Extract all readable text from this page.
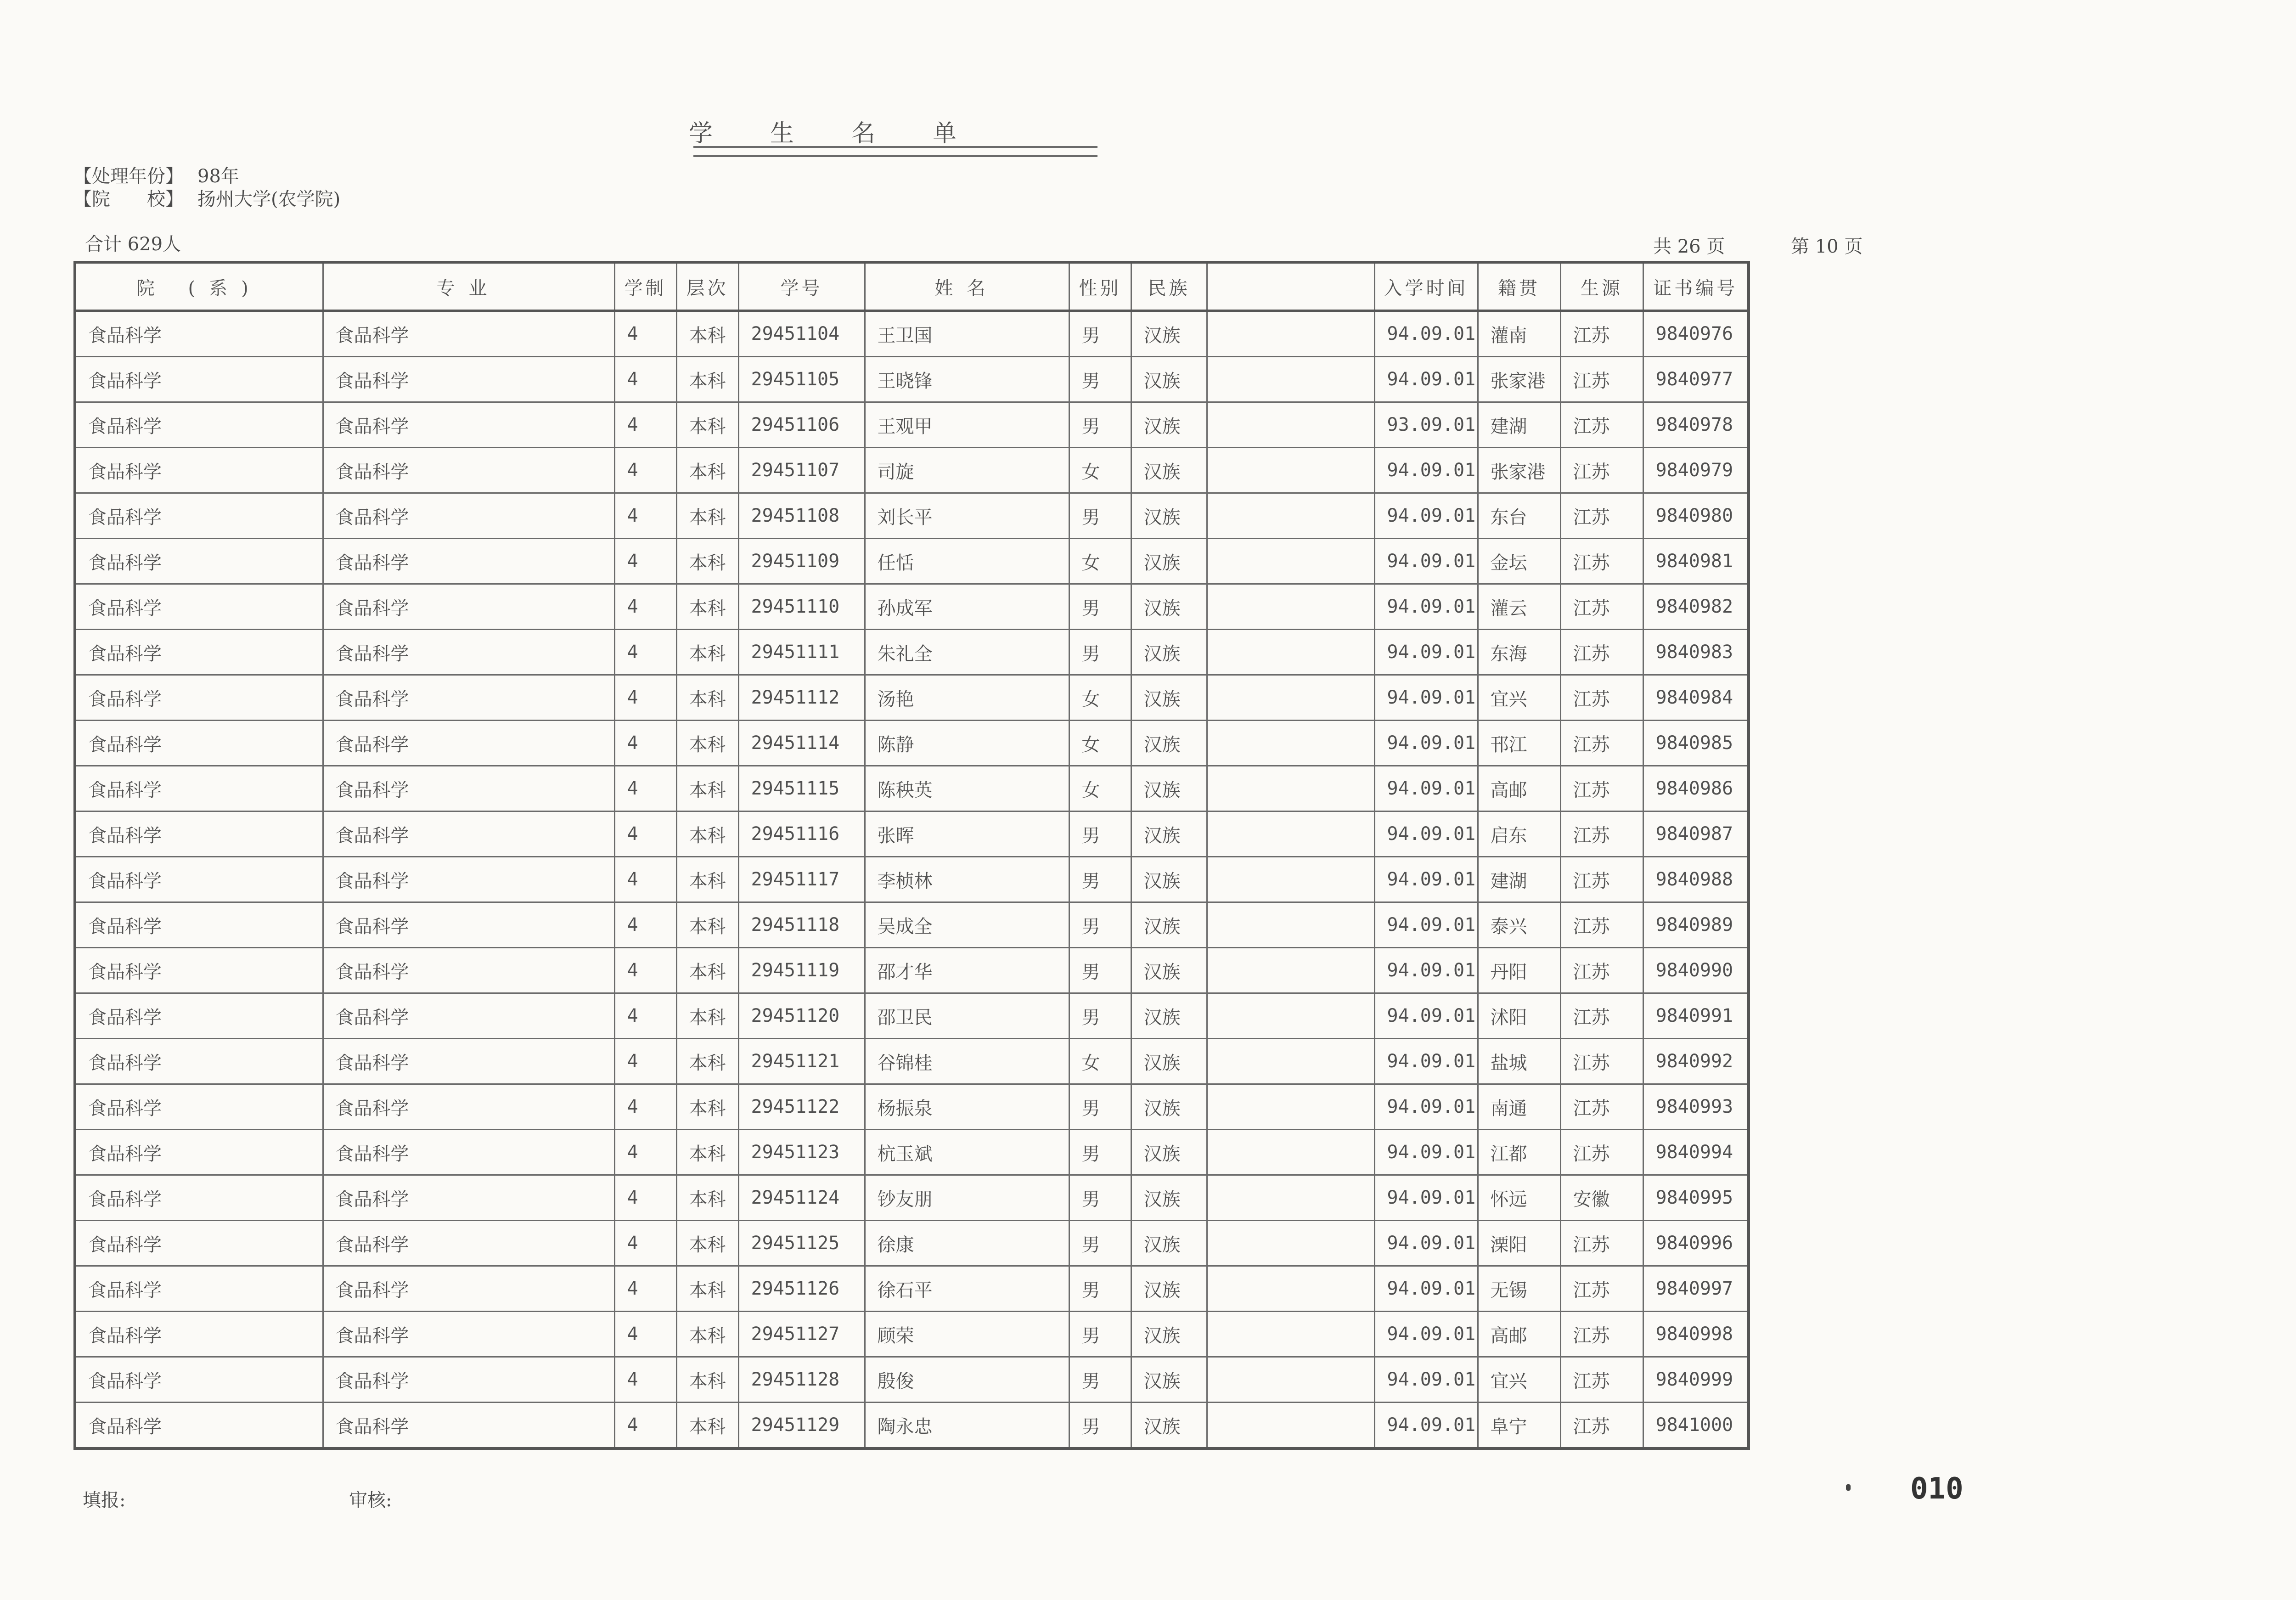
学生名单
【处理年份】 98年
【院　　校】 扬州大学(农学院)
合计 629人	共 26 页	第 10 页
院 (系)	专业	学制	层次	学号	姓名	性别	民族		入学时间	籍贯	生源	证书编号
食品科学	食品科学	4	本科	29451104	王卫国	男	汉族		94.09.01	灌南	江苏	9840976
食品科学	食品科学	4	本科	29451105	王晓锋	男	汉族		94.09.01	张家港	江苏	9840977
食品科学	食品科学	4	本科	29451106	王观甲	男	汉族		93.09.01	建湖	江苏	9840978
食品科学	食品科学	4	本科	29451107	司旋	女	汉族		94.09.01	张家港	江苏	9840979
食品科学	食品科学	4	本科	29451108	刘长平	男	汉族		94.09.01	东台	江苏	9840980
食品科学	食品科学	4	本科	29451109	任恬	女	汉族		94.09.01	金坛	江苏	9840981
食品科学	食品科学	4	本科	29451110	孙成军	男	汉族		94.09.01	灌云	江苏	9840982
食品科学	食品科学	4	本科	29451111	朱礼全	男	汉族		94.09.01	东海	江苏	9840983
食品科学	食品科学	4	本科	29451112	汤艳	女	汉族		94.09.01	宜兴	江苏	9840984
食品科学	食品科学	4	本科	29451114	陈静	女	汉族		94.09.01	邗江	江苏	9840985
食品科学	食品科学	4	本科	29451115	陈秧英	女	汉族		94.09.01	高邮	江苏	9840986
食品科学	食品科学	4	本科	29451116	张晖	男	汉族		94.09.01	启东	江苏	9840987
食品科学	食品科学	4	本科	29451117	李桢林	男	汉族		94.09.01	建湖	江苏	9840988
食品科学	食品科学	4	本科	29451118	吴成全	男	汉族		94.09.01	泰兴	江苏	9840989
食品科学	食品科学	4	本科	29451119	邵才华	男	汉族		94.09.01	丹阳	江苏	9840990
食品科学	食品科学	4	本科	29451120	邵卫民	男	汉族		94.09.01	沭阳	江苏	9840991
食品科学	食品科学	4	本科	29451121	谷锦桂	女	汉族		94.09.01	盐城	江苏	9840992
食品科学	食品科学	4	本科	29451122	杨振泉	男	汉族		94.09.01	南通	江苏	9840993
食品科学	食品科学	4	本科	29451123	杭玉斌	男	汉族		94.09.01	江都	江苏	9840994
食品科学	食品科学	4	本科	29451124	钞友朋	男	汉族		94.09.01	怀远	安徽	9840995
食品科学	食品科学	4	本科	29451125	徐康	男	汉族		94.09.01	溧阳	江苏	9840996
食品科学	食品科学	4	本科	29451126	徐石平	男	汉族		94.09.01	无锡	江苏	9840997
食品科学	食品科学	4	本科	29451127	顾荣	男	汉族		94.09.01	高邮	江苏	9840998
食品科学	食品科学	4	本科	29451128	殷俊	男	汉族		94.09.01	宜兴	江苏	9840999
食品科学	食品科学	4	本科	29451129	陶永忠	男	汉族		94.09.01	阜宁	江苏	9841000
填报:	审核:	010
